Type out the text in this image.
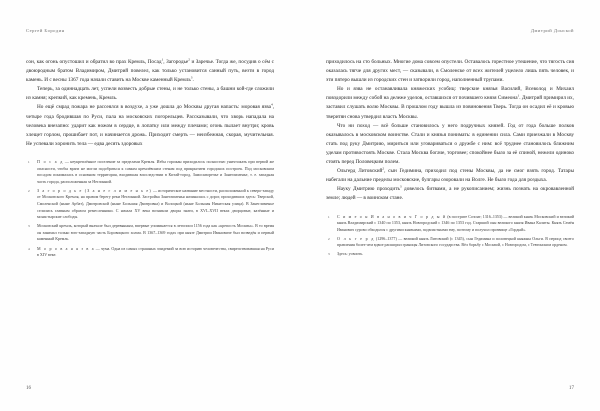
Сергей Бородин

сон, как огонь опустошил и обратил во прах Кремль, Посад$^1$, Загородье$^2$ и Заречье. Тогда же, посудив о сём с двоюродным братом Владимиром, Дмитрий повелел, как только установится санный путь, везти в город камень. И с весны 1367 года начали ставить на Москве каменный Кремль$^3$.

Теперь, за одиннадцать лет, успели возвесть добрые стены, и не только стены, а башни кой-где сложили из камня; крепкий, как кремень, Кремль.

Но ещё смрад пожара не рассеялся в воздухе, а уже дошла до Москвы другая напасть: моровая язва$^4$, четыре года бродившая по Руси, пала на московских погорельцев. Рассказывали, что хворь нападала на человека внезапно: ударит как ножом в сердце, в лопатку или между плечами; огонь пылает внутри; кровь хлещет горлом, прошибает пот, и начинается дрожь. Приходит смерть — неизбежная, скорая, мучительная. Не успевали хоронить тела — едва десять здоровых

1	П о с а д — неукреплённое поселение за пределами Кремля. Избы горожан приходилось полностью уничтожать при первой же опасности, чтобы враги не могли подобраться к самым кремлёвским стенам под прикрытием городских построек. Под московским посадом понималась в основном территория, входившая впоследствии в Китай-город, Замоскворечье и Занеглименье, т. е. западная часть города, расположенная за Неглинной.
2	З а г о р о д ь е (З а н е г л и м е н ь е) — историческое название местности, расположенной к северо-западу от Московского Кремля, на правом берегу реки Неглинной. Застройка Занеглименья начиналась с дорог, проходивших здесь: Тверской, Смоленской (ныне Арбат), Дмитровской (ныне Большая Дмитровка) и Волоцкой (ныне Большая Никитская улица). В Занеглименье селились главным образом ремесленники. С начала XV века возникли дворы знати, в XVI–XVII веках дворцовые, казённые и монастырские слободы.
3	Московский кремль, который вначале был деревянным, впервые упоминается в летописи 1156 года как «крепость Москвы». В то время он занимал только юго-западную часть Боровицкого холма. В 1367–1369 годах при князе Дмитрии Ивановиче был возведён и первый каменный Кремль.
4	М о р о в а я я з в а — чума. Одна из самых страшных эпидемий за всю историю человечества, свирепствовавшая на Руси в XIV веке.
16
Дмитрий Донской

приходилось на сто больных. Многие дома совсем опустели. Оставалось горестное утешение, что тягость сия оказалась тягче для других мест, — сказывали, в Смоленске от всех жителей уцелело лишь пять человек, и эти пятеро вышли из городских стен и затворили город, наполненный трупами.

Но и язва не останавливала княжеских усобиц: тверские князья Василий, Всеволод и Михаил повздорили между собой на дележе уделов, оставшихся от почившего князя Симеона$^1$. Дмитрий примирил их, заставил слушать волю Москвы. В прошлом году вышла из повиновения Тверь. Тогда он осадил её и кровью тверитян снова утвердил власть Москвы.

Что ни поход — всё больше становилось у него подручных князей. Год от года больше полков оказывалось в московском воинстве. Стали и князья понимать: в единении сила. Сами приезжали в Москву стать под руку Дмитрию, мириться или уговариваться о дружбе с ним: всё труднее становилось ближним уделам противостоять Москве. Стала Москва богаче, торговее; спокойнее было за её спиной, нежели одиноко стоять перед Половецким полем.

Ольгерд Литовский$^2$, сын Гедимина, приходил под стены Москвы, да не смог взять город. Татары набегали на дальние пределы московские, булгары озоровали на Волге. Не было года для роздыха.

Науку Дмитрию проходить$^3$ довелось битвами, а не рукописанием; жизнь познать на окровавленной земле; людей — в воинском стане.

1	С и м е о н И в а н о в и ч Г о р д ы й (в постриге Созонт; 1316–1353) — великий князь Московский и великий князь Владимирский с 1340 по 1353, князь Новгородский с 1346 по 1353 год. Старший сын великого князя Ивана Калиты. Князь Семён Иванович сурово обходился с другими князьями, подвластными ему, поэтому и получил прозвище «Гордый».
2	О л ь г е р д (1296–1377) — великий князь Литовский (с 1345), сын Гедимина и половецкой княжны Ольги. В период своего правления более чем вдвое расширил границы Литовского государства. Вёл борьбу с Москвой, с Новгородом, с Тевтонским орденом.
3	Здесь: усвоить.
17
